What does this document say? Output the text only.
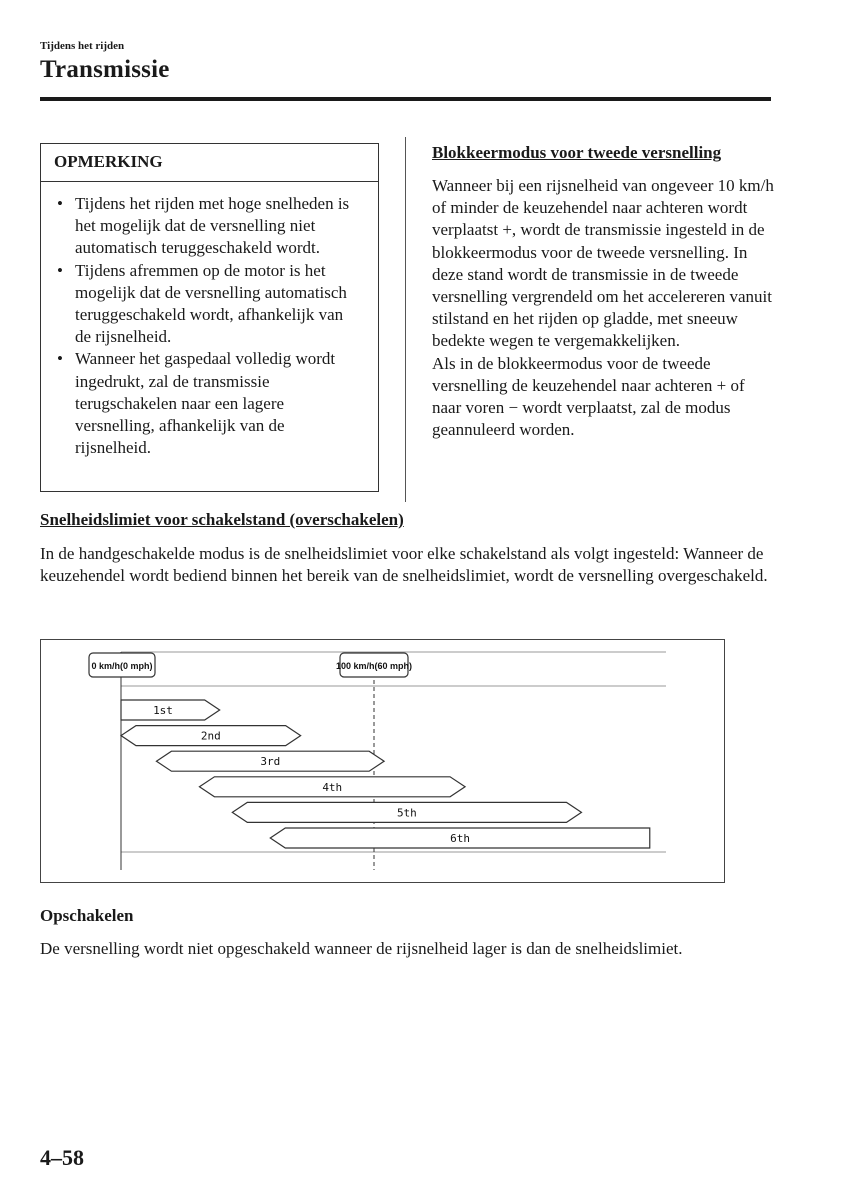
Tijdens het rijden
Transmissie
OPMERKING
• Tijdens het rijden met hoge snelheden is het mogelijk dat de versnelling niet automatisch teruggeschakeld wordt.
• Tijdens afremmen op de motor is het mogelijk dat de versnelling automatisch teruggeschakeld wordt, afhankelijk van de rijsnelheid.
• Wanneer het gaspedaal volledig wordt ingedrukt, zal de transmissie terugschakelen naar een lagere versnelling, afhankelijk van de rijsnelheid.
Blokkeermodus voor tweede versnelling
Wanneer bij een rijsnelheid van ongeveer 10 km/h of minder de keuzehendel naar achteren wordt verplaatst +, wordt de transmissie ingesteld in de blokkeermodus voor de tweede versnelling. In deze stand wordt de transmissie in de tweede versnelling vergrendeld om het accelereren vanuit stilstand en het rijden op gladde, met sneeuw bedekte wegen te vergemakkelijken.
Als in de blokkeermodus voor de tweede versnelling de keuzehendel naar achteren + of naar voren − wordt verplaatst, zal de modus geannuleerd worden.
Snelheidslimiet voor schakelstand (overschakelen)
In de handgeschakelde modus is de snelheidslimiet voor elke schakelstand als volgt ingesteld: Wanneer de keuzehendel wordt bediend binnen het bereik van de snelheidslimiet, wordt de versnelling overgeschakeld.
0 km/h(0 mph)	100 km/h(60 mph)
1st
2nd
3rd
4th
5th
6th
Opschakelen
De versnelling wordt niet opgeschakeld wanneer de rijsnelheid lager is dan de snelheidslimiet.
4–58
